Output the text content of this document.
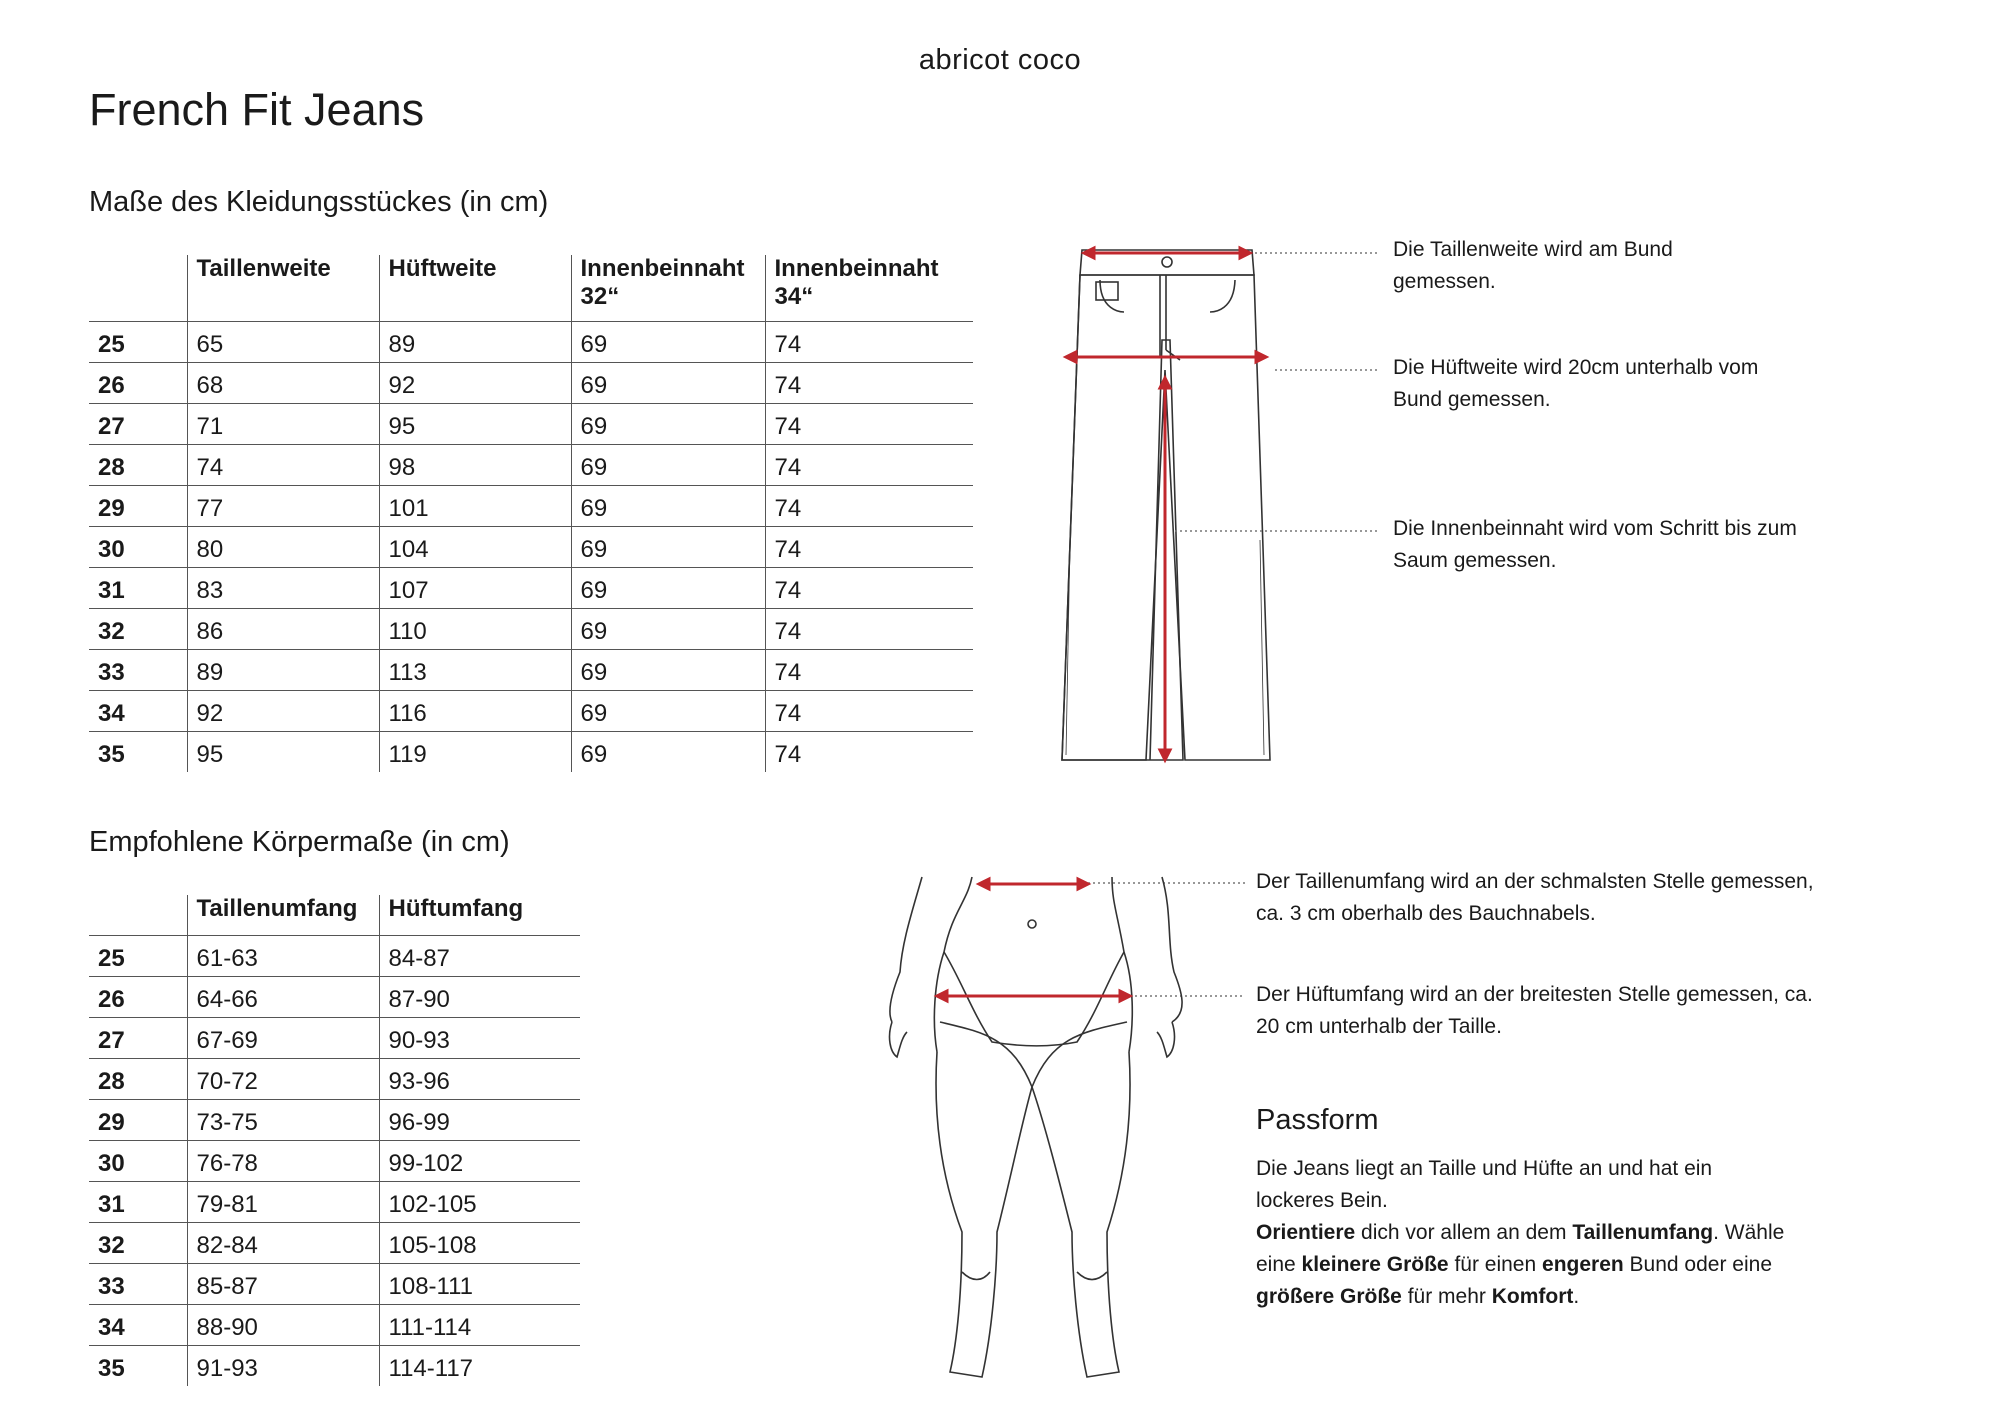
abricot coco
French Fit Jeans
Maße des Kleidungsstückes (in cm)
	Taillenweite	Hüftweite	Innenbeinnaht 32“	Innenbeinnaht 34“
25	65	89	69	74
26	68	92	69	74
27	71	95	69	74
28	74	98	69	74
29	77	101	69	74
30	80	104	69	74
31	83	107	69	74
32	86	110	69	74
33	89	113	69	74
34	92	116	69	74
35	95	119	69	74
Empfohlene Körpermaße (in cm)
	Taillenumfang	Hüftumfang
25	61-63	84-87
26	64-66	87-90
27	67-69	90-93
28	70-72	93-96
29	73-75	96-99
30	76-78	99-102
31	79-81	102-105
32	82-84	105-108
33	85-87	108-111
34	88-90	111-114
35	91-93	114-117
Die Taillenweite wird am Bund gemessen.
Die Hüftweite wird 20cm unterhalb vom Bund gemessen.
Die Innenbeinnaht wird vom Schritt bis zum Saum gemessen.
Der Taillenumfang wird an der schmalsten Stelle gemessen, ca. 3 cm oberhalb des Bauchnabels.
Der Hüftumfang wird an der breitesten Stelle gemessen, ca. 20 cm unterhalb der Taille.
Passform
Die Jeans liegt an Taille und Hüfte an und hat ein lockeres Bein.
Orientiere dich vor allem an dem Taillenumfang. Wähle eine kleinere Größe für einen engeren Bund oder eine größere Größe für mehr Komfort.
